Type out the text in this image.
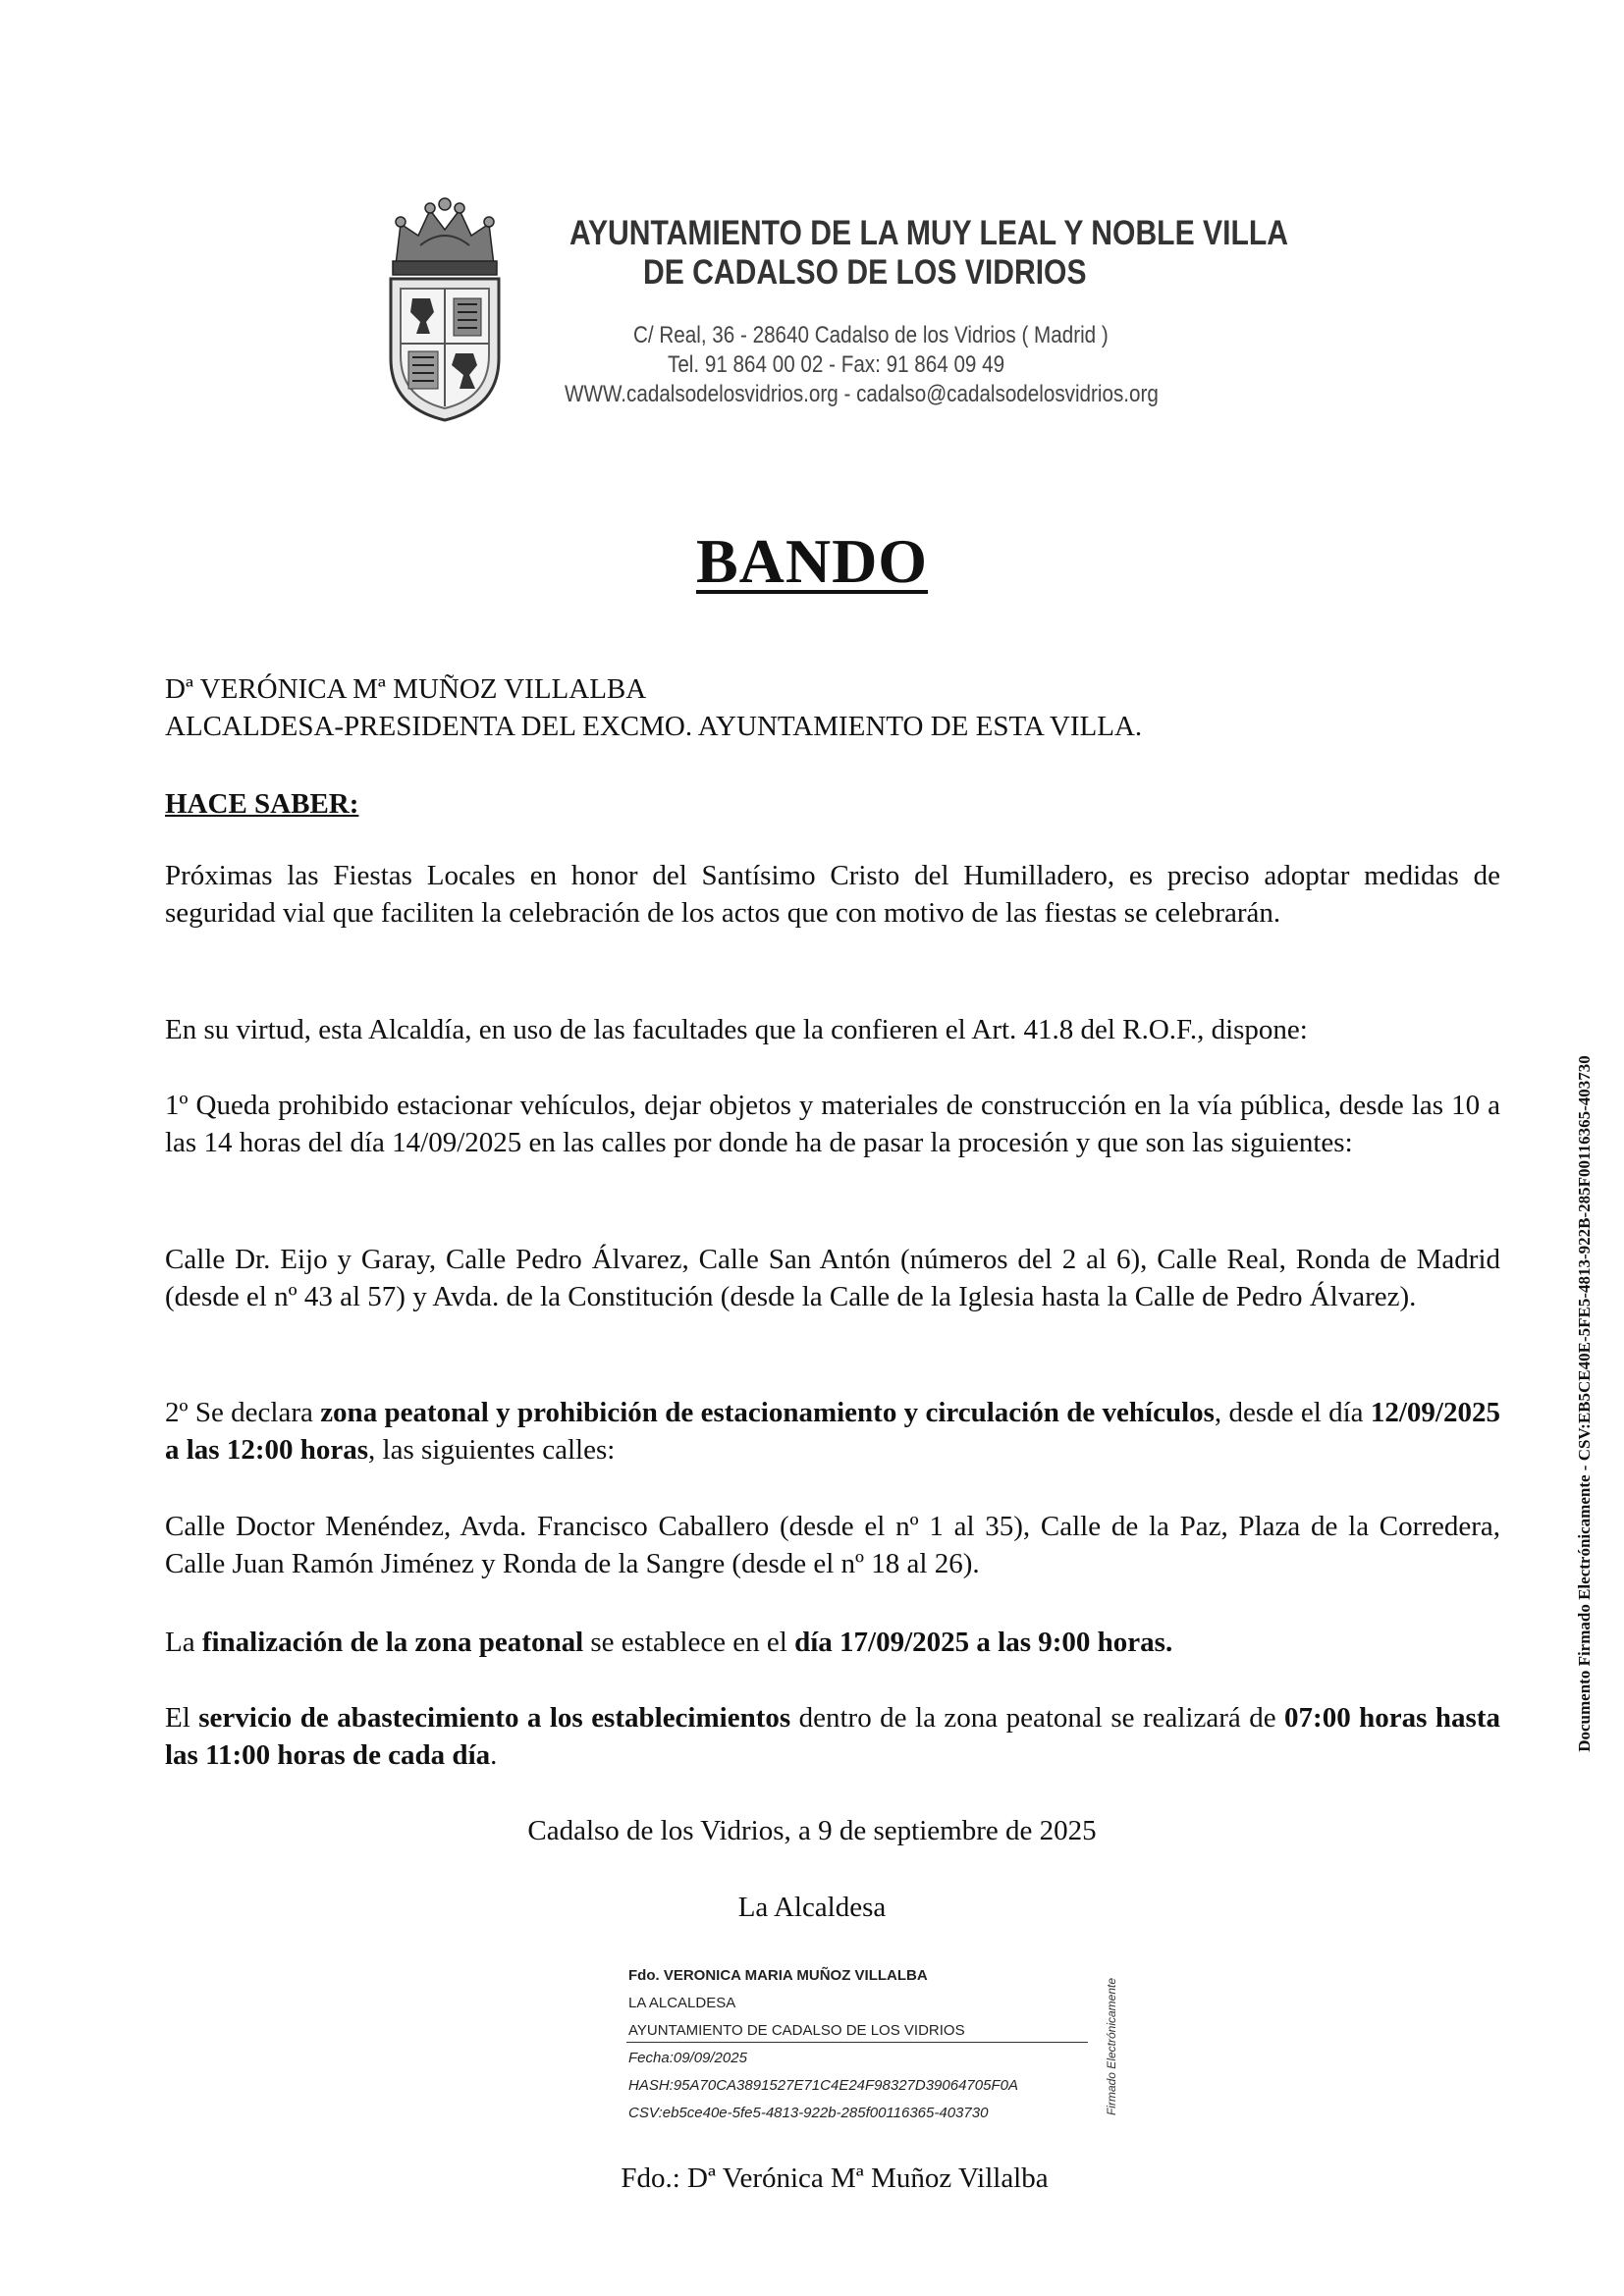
AYUNTAMIENTO DE LA MUY LEAL Y NOBLE VILLA
DE CADALSO DE LOS VIDRIOS
C/ Real, 36 - 28640 Cadalso de los Vidrios ( Madrid )
Tel. 91 864 00 02 - Fax: 91 864 09 49
WWW.cadalsodelosvidrios.org - cadalso@cadalsodelosvidrios.org
BANDO
Dª VERÓNICA Mª MUÑOZ VILLALBA
ALCALDESA-PRESIDENTA DEL EXCMO. AYUNTAMIENTO DE ESTA VILLA.
HACE SABER:
Próximas las Fiestas Locales en honor del Santísimo Cristo del Humilladero, es preciso adoptar medidas de seguridad vial que faciliten la celebración de los actos que con motivo de las fiestas se celebrarán.
En su virtud, esta Alcaldía, en uso de las facultades que la confieren el Art. 41.8 del R.O.F., dispone:
1º Queda prohibido estacionar vehículos, dejar objetos y materiales de construcción en la vía pública, desde las 10 a las 14 horas del día 14/09/2025 en las calles por donde ha de pasar la procesión y que son las siguientes:
Calle Dr. Eijo y Garay, Calle Pedro Álvarez, Calle San Antón (números del 2 al 6), Calle Real, Ronda de Madrid (desde el nº 43 al 57) y Avda. de la Constitución (desde la Calle de la Iglesia hasta la Calle de Pedro Álvarez).
2º Se declara zona peatonal y prohibición de estacionamiento y circulación de vehículos, desde el día 12/09/2025 a las 12:00 horas, las siguientes calles:
Calle Doctor Menéndez, Avda. Francisco Caballero (desde el nº 1 al 35), Calle de la Paz, Plaza de la Corredera, Calle Juan Ramón Jiménez y Ronda de la Sangre (desde el nº 18 al 26).
La finalización de la zona peatonal se establece en el día 17/09/2025 a las 9:00 horas.
El servicio de abastecimiento a los establecimientos dentro de la zona peatonal se realizará de 07:00 horas hasta las 11:00 horas de cada día.
Cadalso de los Vidrios, a 9 de septiembre de 2025
La Alcaldesa
Fdo. VERONICA MARIA MUÑOZ VILLALBA
LA ALCALDESA
AYUNTAMIENTO DE CADALSO DE LOS VIDRIOS
Fecha:09/09/2025
HASH:95A70CA3891527E71C4E24F98327D39064705F0A
CSV:eb5ce40e-5fe5-4813-922b-285f00116365-403730	Firmado Electrónicamente
Fdo.: Dª Verónica Mª Muñoz Villalba
Documento Firmado Electrónicamente - CSV:EB5CE40E-5FE5-4813-922B-285F00116365-403730
